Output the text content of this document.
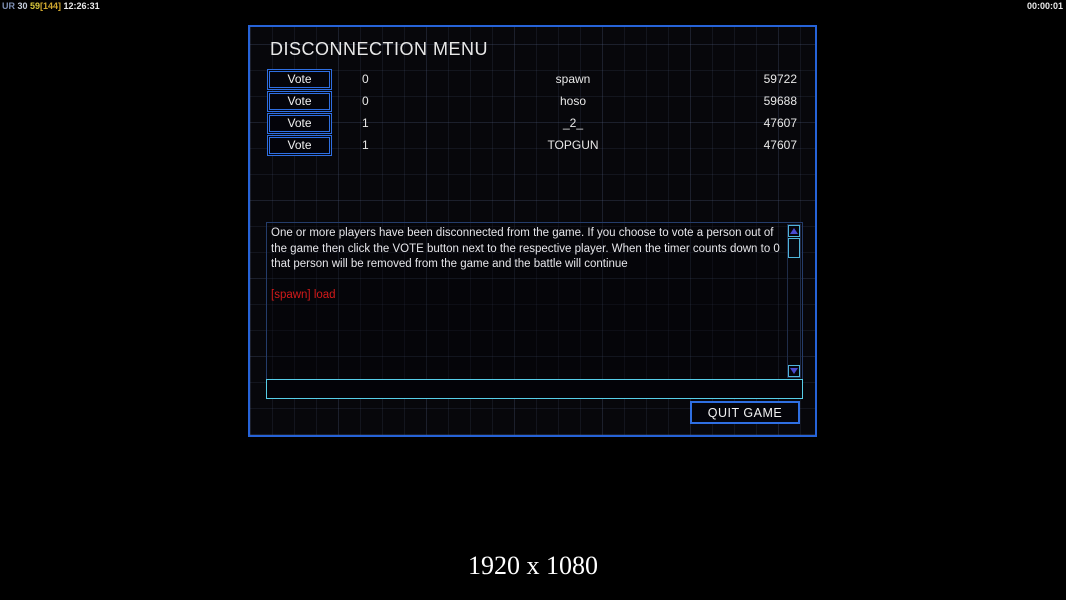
UR 30 59[144] 12:26:31	00:00:01
DISCONNECTION MENU
Vote	0	spawn	59722
Vote	0	hoso	59688
Vote	1	_2_	47607
Vote	1	TOPGUN	47607
One or more players have been disconnected from the game. If you choose to vote a person out of the game then click the VOTE button next to the respective player. When the timer counts down to 0 that person will be removed from the game and the battle will continue
[spawn] load
QUIT GAME
1920 x 1080
